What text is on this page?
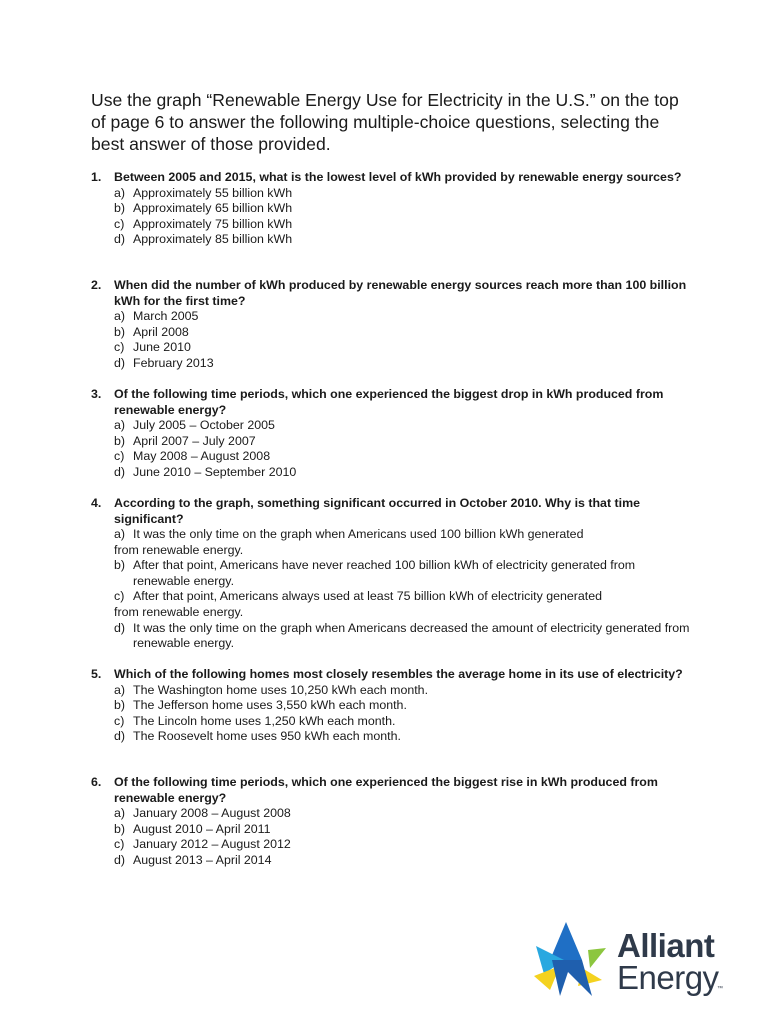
Use the graph “Renewable Energy Use for Electricity in the U.S.” on the top of page 6 to answer the following multiple-choice questions, selecting the best answer of those provided.
1.	Between 2005 and 2015, what is the lowest level of kWh provided by renewable energy sources?
a) Approximately 55 billion kWh
b) Approximately 65 billion kWh
c) Approximately 75 billion kWh
d) Approximately 85 billion kWh
2.	When did the number of kWh produced by renewable energy sources reach more than 100 billion kWh for the first time?
a) March 2005
b) April 2008
c) June 2010
d) February 2013
3.	Of the following time periods, which one experienced the biggest drop in kWh produced from renewable energy?
a) July 2005 – October 2005
b) April 2007 – July 2007
c) May 2008 – August 2008
d) June 2010 – September 2010
4.	According to the graph, something significant occurred in October 2010. Why is that time significant?
a) It was the only time on the graph when Americans used 100 billion kWh generated from renewable energy.
b) After that point, Americans have never reached 100 billion kWh of electricity generated from renewable energy.
c) After that point, Americans always used at least 75 billion kWh of electricity generated from renewable energy.
d) It was the only time on the graph when Americans decreased the amount of electricity generated from renewable energy.
5.	Which of the following homes most closely resembles the average home in its use of electricity?
a) The Washington home uses 10,250 kWh each month.
b) The Jefferson home uses 3,550 kWh each month.
c) The Lincoln home uses 1,250 kWh each month.
d) The Roosevelt home uses 950 kWh each month.
6.	Of the following time periods, which one experienced the biggest rise in kWh produced from renewable energy?
a) January 2008 – August 2008
b) August 2010 – April 2011
c) January 2012 – August 2012
d) August 2013 – April 2014
Alliant
Energy
™
